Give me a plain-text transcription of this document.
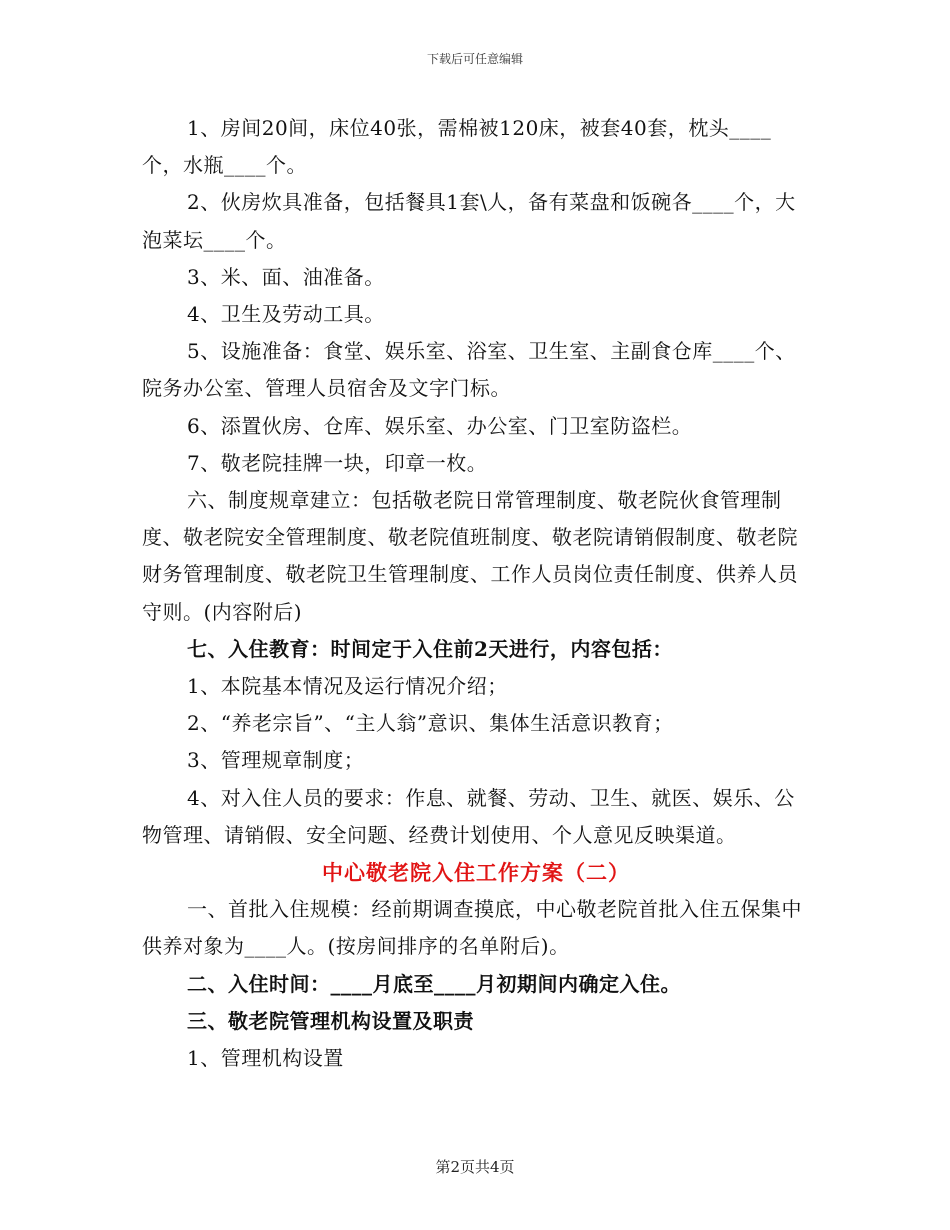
下载后可任意编辑

1、房间20间，床位40张，需棉被120床，被套40套，枕头____个，水瓶____个。

2、伙房炊具准备，包括餐具1套\人，备有菜盘和饭碗各____个，大泡菜坛____个。

3、米、面、油准备。

4、卫生及劳动工具。

5、设施准备：食堂、娱乐室、浴室、卫生室、主副食仓库____个、院务办公室、管理人员宿舍及文字门标。

6、添置伙房、仓库、娱乐室、办公室、门卫室防盗栏。

7、敬老院挂牌一块，印章一枚。

六、制度规章建立：包括敬老院日常管理制度、敬老院伙食管理制度、敬老院安全管理制度、敬老院值班制度、敬老院请销假制度、敬老院财务管理制度、敬老院卫生管理制度、工作人员岗位责任制度、供养人员守则。(内容附后)

七、入住教育：时间定于入住前2天进行，内容包括：

1、本院基本情况及运行情况介绍；

2、“养老宗旨”、“主人翁”意识、集体生活意识教育；

3、管理规章制度；

4、对入住人员的要求：作息、就餐、劳动、卫生、就医、娱乐、公物管理、请销假、安全问题、经费计划使用、个人意见反映渠道。

中心敬老院入住工作方案（二）

一、首批入住规模：经前期调查摸底，中心敬老院首批入住五保集中供养对象为____人。(按房间排序的名单附后)。

二、入住时间：____月底至____月初期间内确定入住。

三、敬老院管理机构设置及职责

1、管理机构设置

第2页共4页
